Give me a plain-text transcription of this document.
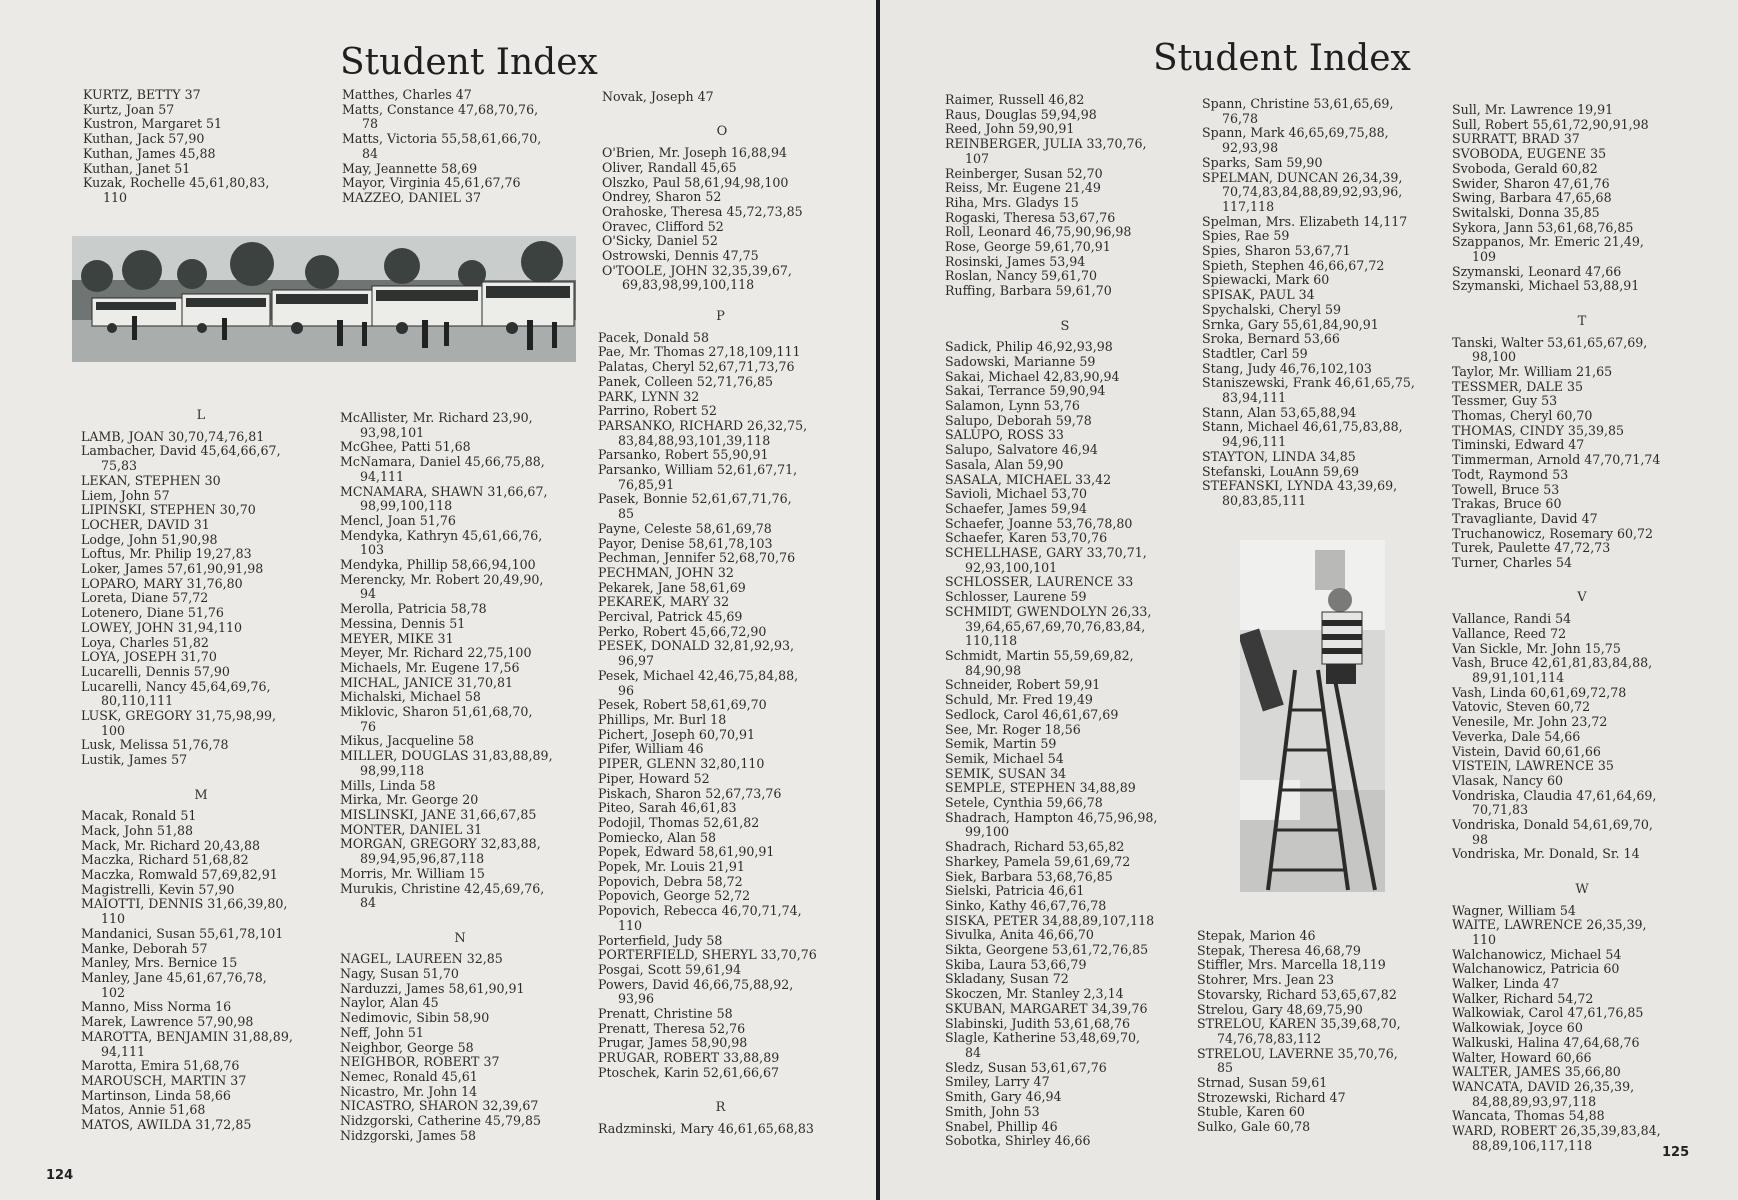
Student Index
KURTZ, BETTY 37
Kurtz, Joan 57
Kustron, Margaret 51
Kuthan, Jack 57,90
Kuthan, James 45,88
Kuthan, Janet 51
Kuzak, Rochelle 45,61,80,83,
110
Matthes, Charles 47
Matts, Constance 47,68,70,76,
78
Matts, Victoria 55,58,61,66,70,
84
May, Jeannette 58,69
Mayor, Virginia 45,61,67,76
MAZZEO, DANIEL 37
Novak, Joseph 47
O
O'Brien, Mr. Joseph 16,88,94
Oliver, Randall 45,65
Olszko, Paul 58,61,94,98,100
Ondrey, Sharon 52
Orahoske, Theresa 45,72,73,85
Oravec, Clifford 52
O'Sicky, Daniel 52
Ostrowski, Dennis 47,75
O'TOOLE, JOHN 32,35,39,67,
69,83,98,99,100,118
L
LAMB, JOAN 30,70,74,76,81
Lambacher, David 45,64,66,67,
75,83
LEKAN, STEPHEN 30
Liem, John 57
LIPINSKI, STEPHEN 30,70
LOCHER, DAVID 31
Lodge, John 51,90,98
Loftus, Mr. Philip 19,27,83
Loker, James 57,61,90,91,98
LOPARO, MARY 31,76,80
Loreta, Diane 57,72
Lotenero, Diane 51,76
LOWEY, JOHN 31,94,110
Loya, Charles 51,82
LOYA, JOSEPH 31,70
Lucarelli, Dennis 57,90
Lucarelli, Nancy 45,64,69,76,
80,110,111
LUSK, GREGORY 31,75,98,99,
100
Lusk, Melissa 51,76,78
Lustik, James 57
M
Macak, Ronald 51
Mack, John 51,88
Mack, Mr. Richard 20,43,88
Maczka, Richard 51,68,82
Maczka, Romwald 57,69,82,91
Magistrelli, Kevin 57,90
MAIOTTI, DENNIS 31,66,39,80,
110
Mandanici, Susan 55,61,78,101
Manke, Deborah 57
Manley, Mrs. Bernice 15
Manley, Jane 45,61,67,76,78,
102
Manno, Miss Norma 16
Marek, Lawrence 57,90,98
MAROTTA, BENJAMIN 31,88,89,
94,111
Marotta, Emira 51,68,76
MAROUSCH, MARTIN 37
Martinson, Linda 58,66
Matos, Annie 51,68
MATOS, AWILDA 31,72,85
McAllister, Mr. Richard 23,90,
93,98,101
McGhee, Patti 51,68
McNamara, Daniel 45,66,75,88,
94,111
MCNAMARA, SHAWN 31,66,67,
98,99,100,118
Mencl, Joan 51,76
Mendyka, Kathryn 45,61,66,76,
103
Mendyka, Phillip 58,66,94,100
Merencky, Mr. Robert 20,49,90,
94
Merolla, Patricia 58,78
Messina, Dennis 51
MEYER, MIKE 31
Meyer, Mr. Richard 22,75,100
Michaels, Mr. Eugene 17,56
MICHAL, JANICE 31,70,81
Michalski, Michael 58
Miklovic, Sharon 51,61,68,70,
76
Mikus, Jacqueline 58
MILLER, DOUGLAS 31,83,88,89,
98,99,118
Mills, Linda 58
Mirka, Mr. George 20
MISLINSKI, JANE 31,66,67,85
MONTER, DANIEL 31
MORGAN, GREGORY 32,83,88,
89,94,95,96,87,118
Morris, Mr. William 15
Murukis, Christine 42,45,69,76,
84
N
NAGEL, LAUREEN 32,85
Nagy, Susan 51,70
Narduzzi, James 58,61,90,91
Naylor, Alan 45
Nedimovic, Sibin 58,90
Neff, John 51
Neighbor, George 58
NEIGHBOR, ROBERT 37
Nemec, Ronald 45,61
Nicastro, Mr. John 14
NICASTRO, SHARON 32,39,67
Nidzgorski, Catherine 45,79,85
Nidzgorski, James 58
P
Pacek, Donald 58
Pae, Mr. Thomas 27,18,109,111
Palatas, Cheryl 52,67,71,73,76
Panek, Colleen 52,71,76,85
PARK, LYNN 32
Parrino, Robert 52
PARSANKO, RICHARD 26,32,75,
83,84,88,93,101,39,118
Parsanko, Robert 55,90,91
Parsanko, William 52,61,67,71,
76,85,91
Pasek, Bonnie 52,61,67,71,76,
85
Payne, Celeste 58,61,69,78
Payor, Denise 58,61,78,103
Pechman, Jennifer 52,68,70,76
PECHMAN, JOHN 32
Pekarek, Jane 58,61,69
PEKAREK, MARY 32
Percival, Patrick 45,69
Perko, Robert 45,66,72,90
PESEK, DONALD 32,81,92,93,
96,97
Pesek, Michael 42,46,75,84,88,
96
Pesek, Robert 58,61,69,70
Phillips, Mr. Burl 18
Pichert, Joseph 60,70,91
Pifer, William 46
PIPER, GLENN 32,80,110
Piper, Howard 52
Piskach, Sharon 52,67,73,76
Piteo, Sarah 46,61,83
Podojil, Thomas 52,61,82
Pomiecko, Alan 58
Popek, Edward 58,61,90,91
Popek, Mr. Louis 21,91
Popovich, Debra 58,72
Popovich, George 52,72
Popovich, Rebecca 46,70,71,74,
110
Porterfield, Judy 58
PORTERFIELD, SHERYL 33,70,76
Posgai, Scott 59,61,94
Powers, David 46,66,75,88,92,
93,96
Prenatt, Christine 58
Prenatt, Theresa 52,76
Prugar, James 58,90,98
PRUGAR, ROBERT 33,88,89
Ptoschek, Karin 52,61,66,67
R
Radzminski, Mary 46,61,65,68,83
124
Student Index
Raimer, Russell 46,82
Raus, Douglas 59,94,98
Reed, John 59,90,91
REINBERGER, JULIA 33,70,76,
107
Reinberger, Susan 52,70
Reiss, Mr. Eugene 21,49
Riha, Mrs. Gladys 15
Rogaski, Theresa 53,67,76
Roll, Leonard 46,75,90,96,98
Rose, George 59,61,70,91
Rosinski, James 53,94
Roslan, Nancy 59,61,70
Ruffing, Barbara 59,61,70
S
Sadick, Philip 46,92,93,98
Sadowski, Marianne 59
Sakai, Michael 42,83,90,94
Sakai, Terrance 59,90,94
Salamon, Lynn 53,76
Salupo, Deborah 59,78
SALUPO, ROSS 33
Salupo, Salvatore 46,94
Sasala, Alan 59,90
SASALA, MICHAEL 33,42
Savioli, Michael 53,70
Schaefer, James 59,94
Schaefer, Joanne 53,76,78,80
Schaefer, Karen 53,70,76
SCHELLHASE, GARY 33,70,71,
92,93,100,101
SCHLOSSER, LAURENCE 33
Schlosser, Laurene 59
SCHMIDT, GWENDOLYN 26,33,
39,64,65,67,69,70,76,83,84,
110,118
Schmidt, Martin 55,59,69,82,
84,90,98
Schneider, Robert 59,91
Schuld, Mr. Fred 19,49
Sedlock, Carol 46,61,67,69
See, Mr. Roger 18,56
Semik, Martin 59
Semik, Michael 54
SEMIK, SUSAN 34
SEMPLE, STEPHEN 34,88,89
Setele, Cynthia 59,66,78
Shadrach, Hampton 46,75,96,98,
99,100
Shadrach, Richard 53,65,82
Sharkey, Pamela 59,61,69,72
Siek, Barbara 53,68,76,85
Sielski, Patricia 46,61
Sinko, Kathy 46,67,76,78
SISKA, PETER 34,88,89,107,118
Sivulka, Anita 46,66,70
Sikta, Georgene 53,61,72,76,85
Skiba, Laura 53,66,79
Skladany, Susan 72
Skoczen, Mr. Stanley 2,3,14
SKUBAN, MARGARET 34,39,76
Slabinski, Judith 53,61,68,76
Slagle, Katherine 53,48,69,70,
84
Sledz, Susan 53,61,67,76
Smiley, Larry 47
Smith, Gary 46,94
Smith, John 53
Snabel, Phillip 46
Sobotka, Shirley 46,66
Spann, Christine 53,61,65,69,
76,78
Spann, Mark 46,65,69,75,88,
92,93,98
Sparks, Sam 59,90
SPELMAN, DUNCAN 26,34,39,
70,74,83,84,88,89,92,93,96,
117,118
Spelman, Mrs. Elizabeth 14,117
Spies, Rae 59
Spies, Sharon 53,67,71
Spieth, Stephen 46,66,67,72
Spiewacki, Mark 60
SPISAK, PAUL 34
Spychalski, Cheryl 59
Srnka, Gary 55,61,84,90,91
Sroka, Bernard 53,66
Stadtler, Carl 59
Stang, Judy 46,76,102,103
Staniszewski, Frank 46,61,65,75,
83,94,111
Stann, Alan 53,65,88,94
Stann, Michael 46,61,75,83,88,
94,96,111
STAYTON, LINDA 34,85
Stefanski, LouAnn 59,69
STEFANSKI, LYNDA 43,39,69,
80,83,85,111
Stepak, Marion 46
Stepak, Theresa 46,68,79
Stiffler, Mrs. Marcella 18,119
Stohrer, Mrs. Jean 23
Stovarsky, Richard 53,65,67,82
Strelou, Gary 48,69,75,90
STRELOU, KAREN 35,39,68,70,
74,76,78,83,112
STRELOU, LAVERNE 35,70,76,
85
Strnad, Susan 59,61
Strozewski, Richard 47
Stuble, Karen 60
Sulko, Gale 60,78
Sull, Mr. Lawrence 19,91
Sull, Robert 55,61,72,90,91,98
SURRATT, BRAD 37
SVOBODA, EUGENE 35
Svoboda, Gerald 60,82
Swider, Sharon 47,61,76
Swing, Barbara 47,65,68
Switalski, Donna 35,85
Sykora, Jann 53,61,68,76,85
Szappanos, Mr. Emeric 21,49,
109
Szymanski, Leonard 47,66
Szymanski, Michael 53,88,91
T
Tanski, Walter 53,61,65,67,69,
98,100
Taylor, Mr. William 21,65
TESSMER, DALE 35
Tessmer, Guy 53
Thomas, Cheryl 60,70
THOMAS, CINDY 35,39,85
Timinski, Edward 47
Timmerman, Arnold 47,70,71,74
Todt, Raymond 53
Towell, Bruce 53
Trakas, Bruce 60
Travagliante, David 47
Truchanowicz, Rosemary 60,72
Turek, Paulette 47,72,73
Turner, Charles 54
V
Vallance, Randi 54
Vallance, Reed 72
Van Sickle, Mr. John 15,75
Vash, Bruce 42,61,81,83,84,88,
89,91,101,114
Vash, Linda 60,61,69,72,78
Vatovic, Steven 60,72
Venesile, Mr. John 23,72
Veverka, Dale 54,66
Vistein, David 60,61,66
VISTEIN, LAWRENCE 35
Vlasak, Nancy 60
Vondriska, Claudia 47,61,64,69,
70,71,83
Vondriska, Donald 54,61,69,70,
98
Vondriska, Mr. Donald, Sr. 14
W
Wagner, William 54
WAITE, LAWRENCE 26,35,39,
110
Walchanowicz, Michael 54
Walchanowicz, Patricia 60
Walker, Linda 47
Walker, Richard 54,72
Walkowiak, Carol 47,61,76,85
Walkowiak, Joyce 60
Walkuski, Halina 47,64,68,76
Walter, Howard 60,66
WALTER, JAMES 35,66,80
WANCATA, DAVID 26,35,39,
84,88,89,93,97,118
Wancata, Thomas 54,88
WARD, ROBERT 26,35,39,83,84,
88,89,106,117,118	125
